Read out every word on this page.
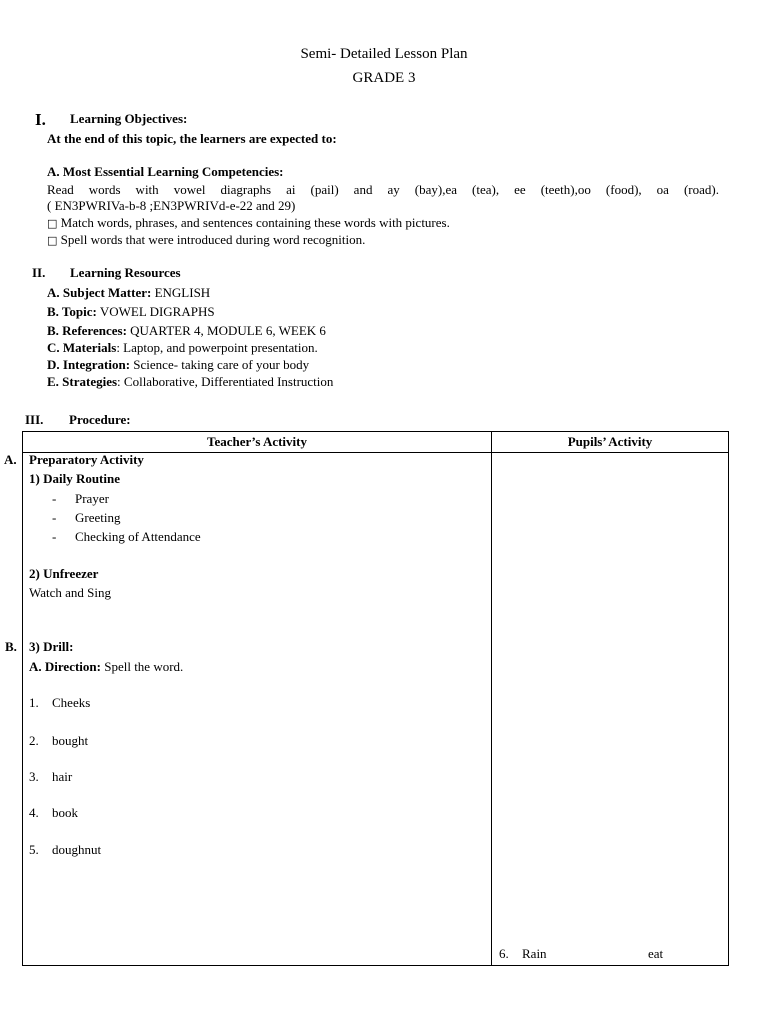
Semi- Detailed Lesson Plan
GRADE 3
I. Learning Objectives:
At the end of this topic, the learners are expected to:
A. Most Essential Learning Competencies:
Read words with vowel diagraphs ai (pail) and ay (bay),ea (tea), ee (teeth),oo (food), oa (road).
( EN3PWRIVa-b-8 ;EN3PWRIVd-e-22 and 29)
□ Match words, phrases, and sentences containing these words with pictures.
□ Spell words that were introduced during word recognition.
II. Learning Resources
A. Subject Matter: ENGLISH
B. Topic: VOWEL DIGRAPHS
B. References: QUARTER 4, MODULE 6, WEEK 6
C. Materials: Laptop, and powerpoint presentation.
D. Integration: Science- taking care of your body
E. Strategies: Collaborative, Differentiated Instruction
III. Procedure:
Teacher’s Activity	Pupils’ Activity

A. Preparatory Activity
1) Daily Routine
- Prayer
- Greeting
- Checking of Attendance
2) Unfreezer
Watch and Sing
B. 3) Drill:
A. Direction: Spell the word.
1. Cheeks
2. bought
3. hair
4. book
5. doughnut
6. Rain	eat
